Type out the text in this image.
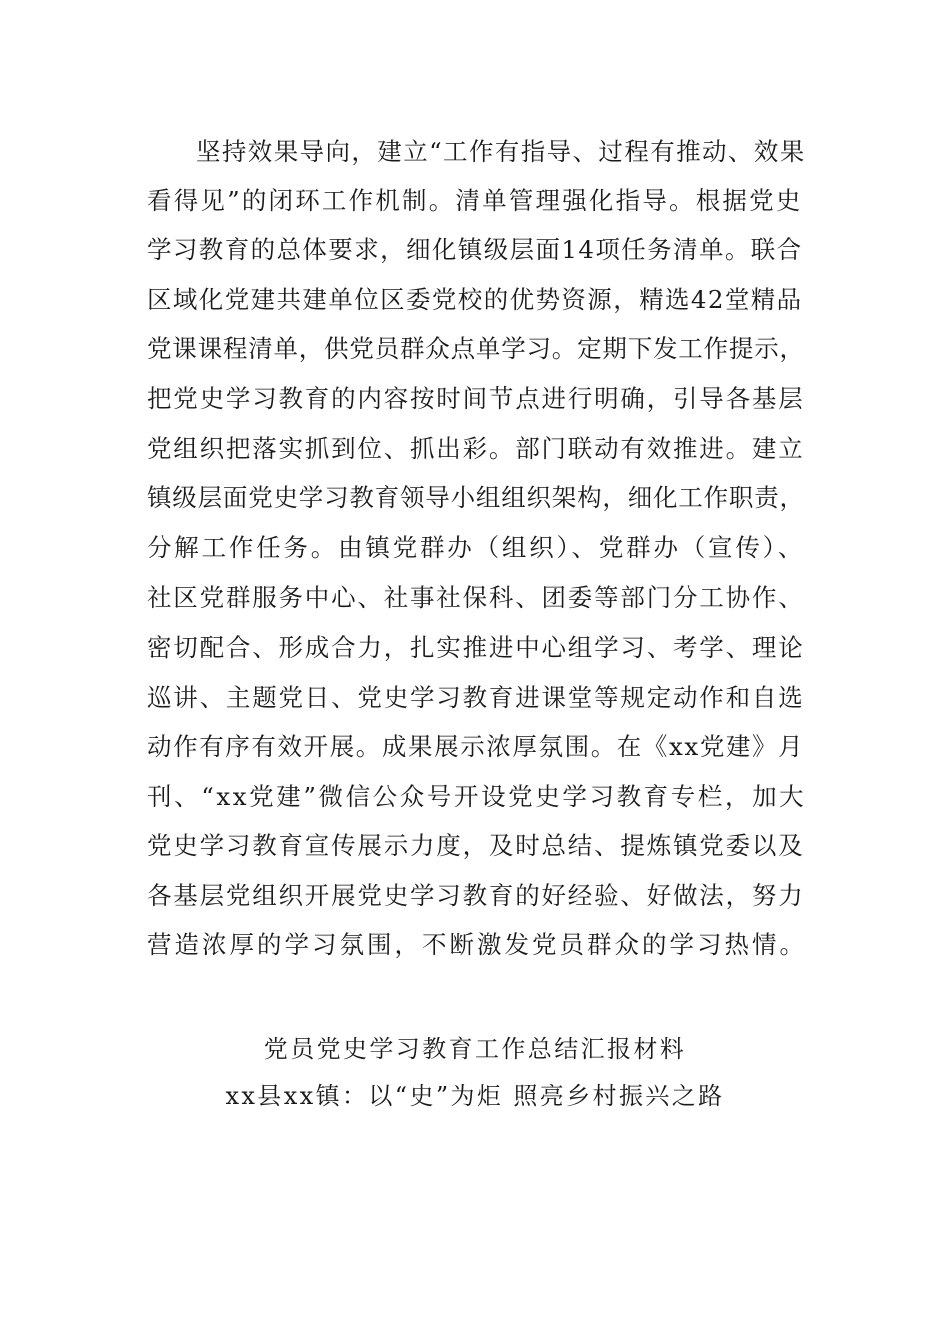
坚持效果导向，建立“工作有指导、过程有推动、效果
看得见”的闭环工作机制。清单管理强化指导。根据党史
学习教育的总体要求，细化镇级层面14项任务清单。联合
区域化党建共建单位区委党校的优势资源，精选42堂精品
党课课程清单，供党员群众点单学习。定期下发工作提示，
把党史学习教育的内容按时间节点进行明确，引导各基层
党组织把落实抓到位、抓出彩。部门联动有效推进。建立
镇级层面党史学习教育领导小组组织架构，细化工作职责，
分解工作任务。由镇党群办（组织）、党群办（宣传）、
社区党群服务中心、社事社保科、团委等部门分工协作、
密切配合、形成合力，扎实推进中心组学习、考学、理论
巡讲、主题党日、党史学习教育进课堂等规定动作和自选
动作有序有效开展。成果展示浓厚氛围。在《xx党建》月
刊、“xx党建”微信公众号开设党史学习教育专栏，加大
党史学习教育宣传展示力度，及时总结、提炼镇党委以及
各基层党组织开展党史学习教育的好经验、好做法，努力
营造浓厚的学习氛围，不断激发党员群众的学习热情。
党员党史学习教育工作总结汇报材料
xx县xx镇：以“史”为炬 照亮乡村振兴之路
